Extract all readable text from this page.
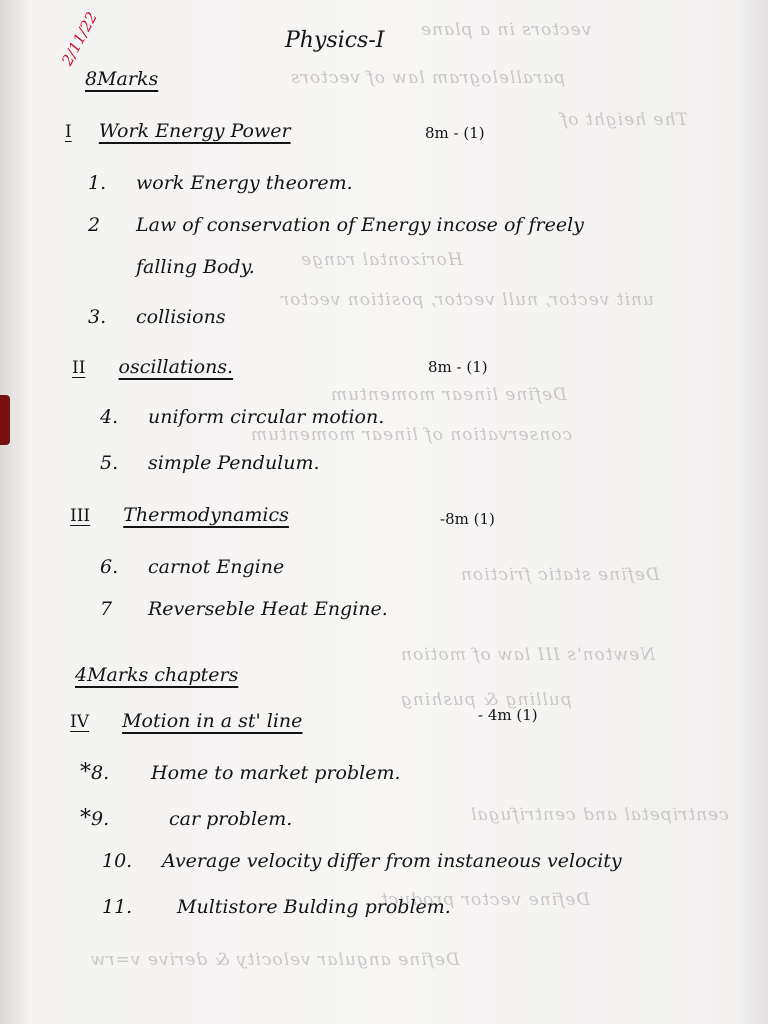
vectors in a plane
parallelogram law of vectors
The height of
Horizontal range
unit vector, null vector, position vector
Define linear momentum
conservation of linear momentum
Define static friction
Newton's III law of motion
pulling & pushing
centripetal and centrifugal
Define vector product
Define angular velocity & derive v=rw
2/11/22	Physics-I
8Marks
I Work Energy Power	8m - (1)
1. work Energy theorem.
2 Law of conservation of Energy incose of freely
falling Body.
3. collisions
II oscillations.	8m - (1)
4. uniform circular motion.
5. simple Pendulum.
III Thermodynamics	-8m (1)
6. carnot Engine
7 Reverseble Heat Engine.
4Marks chapters
IV Motion in a st' line	- 4m (1)
*8. Home to market problem.
*9.	car problem.
10. Average velocity differ from instaneous velocity
11. Multistore Bulding problem.
